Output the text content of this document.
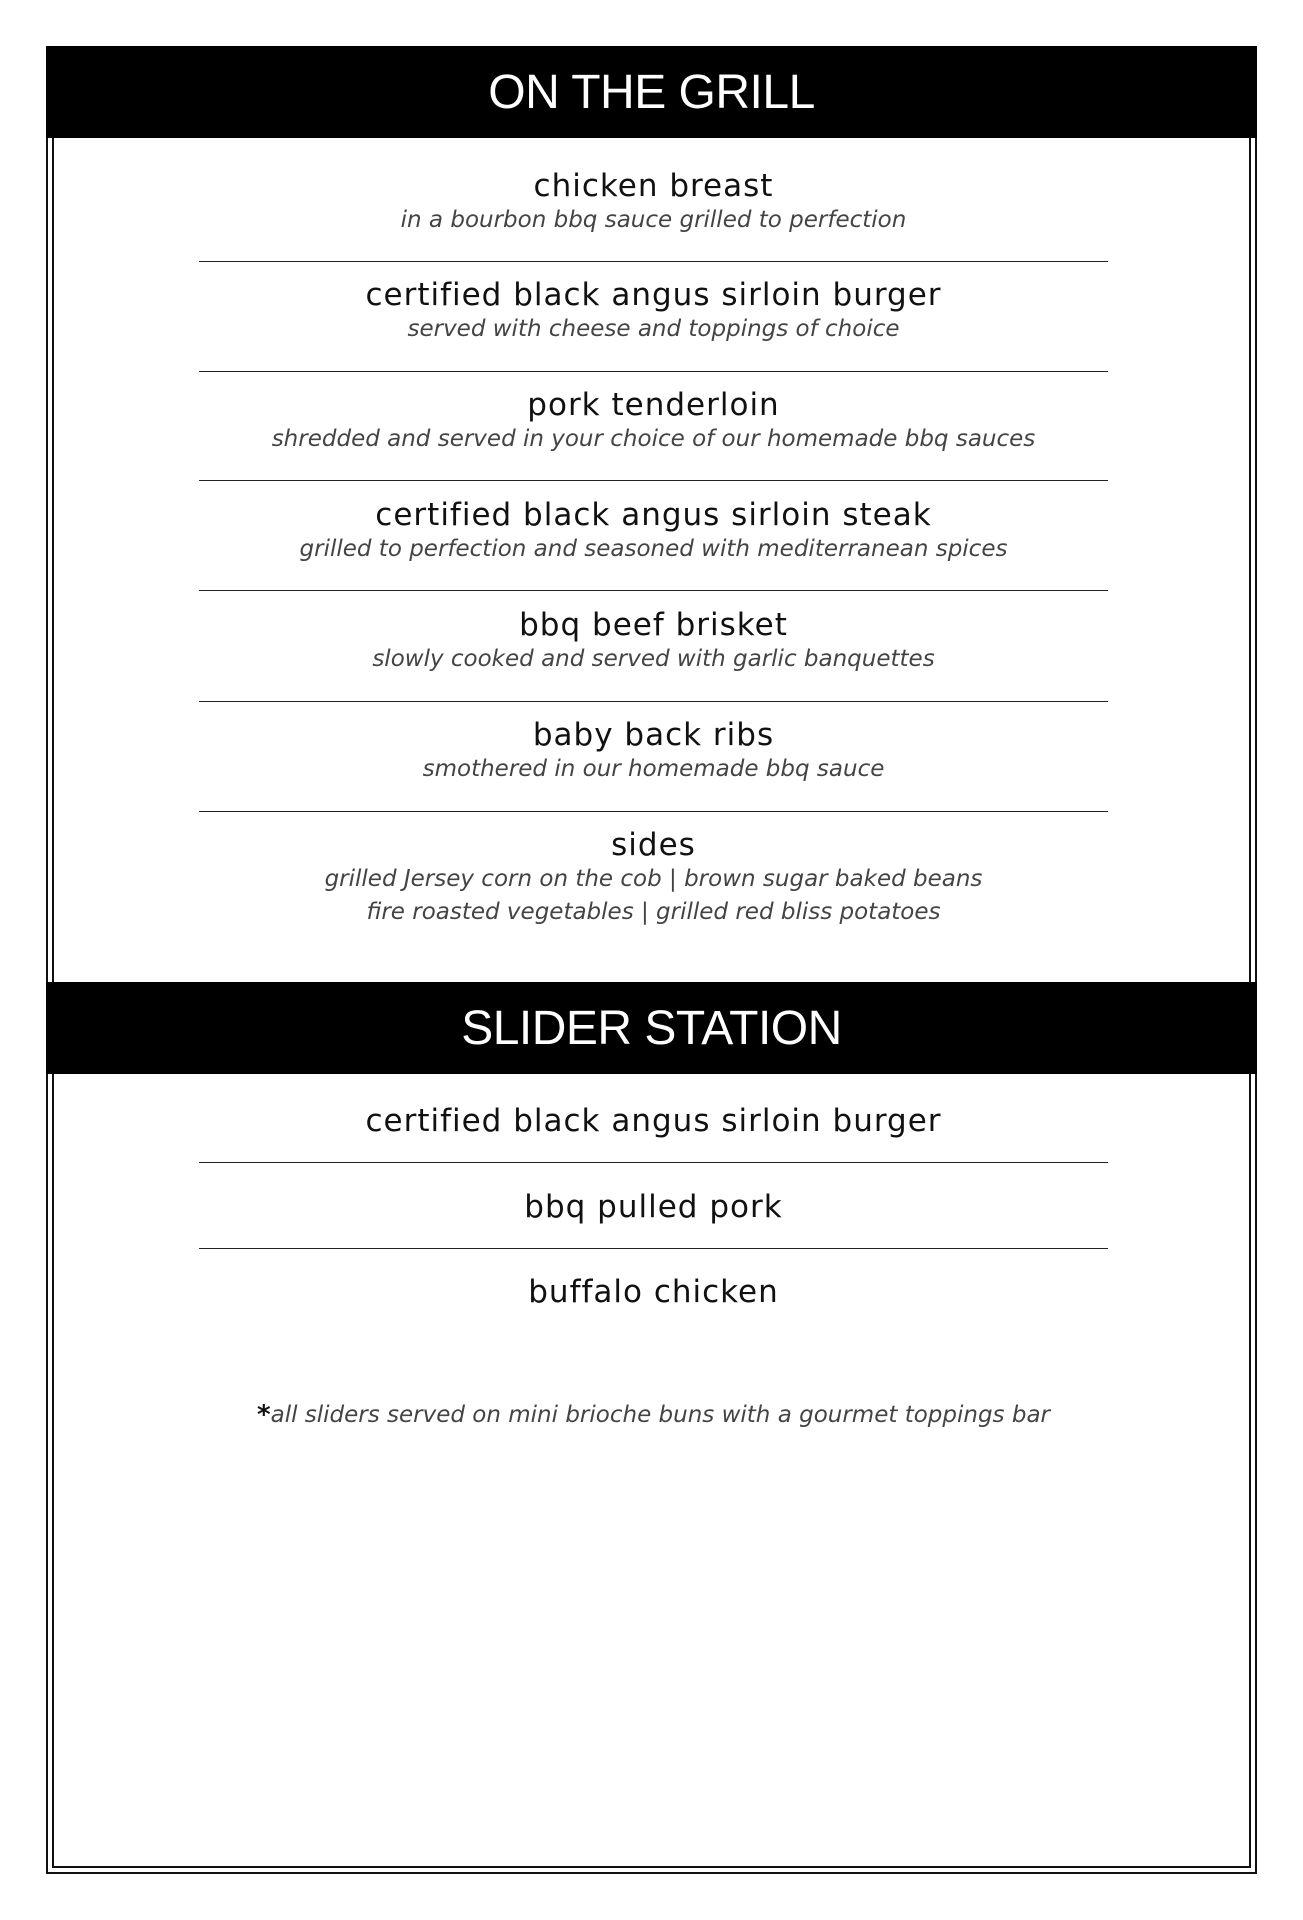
ON THE GRILL
chicken breast
in a bourbon bbq sauce grilled to perfection
certified black angus sirloin burger
served with cheese and toppings of choice
pork tenderloin
shredded and served in your choice of our homemade bbq sauces
certified black angus sirloin steak
grilled to perfection and seasoned with mediterranean spices
bbq beef brisket
slowly cooked and served with garlic banquettes
baby back ribs
smothered in our homemade bbq sauce
sides
grilled Jersey corn on the cob | brown sugar baked beans
fire roasted vegetables | grilled red bliss potatoes
SLIDER STATION
certified black angus sirloin burger
bbq pulled pork
buffalo chicken
*all sliders served on mini brioche buns with a gourmet toppings bar
